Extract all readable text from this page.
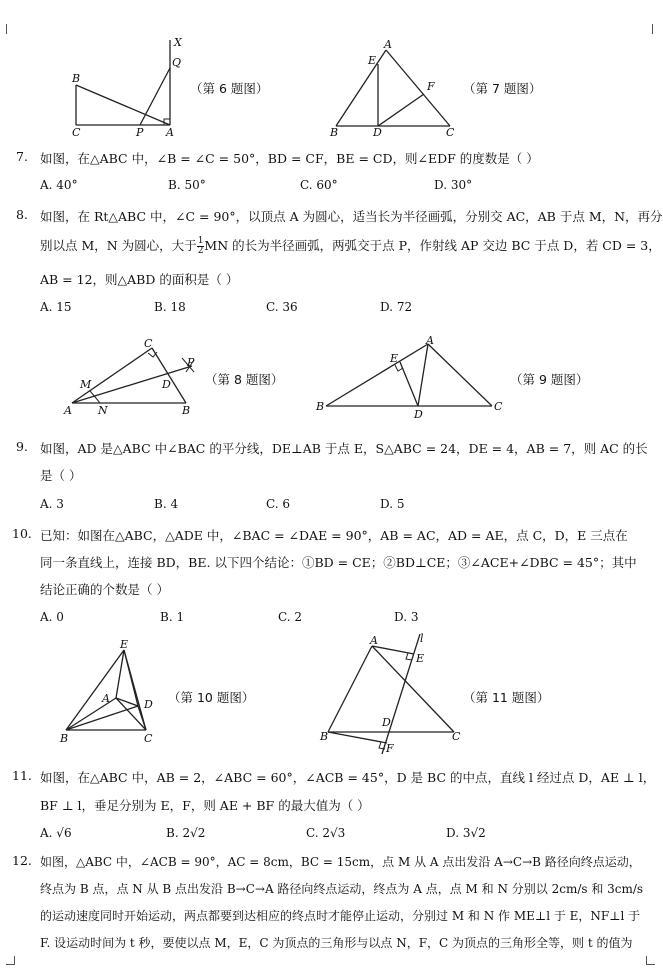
X
Q
B
C	P A
（第 6 题图）
A
E
F
B	D	C
（第 7 题图）
7. 如图，在△ABC 中，∠B = ∠C = 50°，BD = CF，BE = CD，则∠EDF 的度数是（ ）
A. 40°	B. 50°	C. 60°	D. 30°
8. 如图，在 Rt△ABC 中，∠C = 90°，以顶点 A 为圆心，适当长为半径画弧，分别交 AC，AB 于点 M，N，再分
别以点 M，N 为圆心，大于 $\frac{1}{2}$ MN 的长为半径画弧，两弧交于点 P，作射线 AP 交边 BC 于点 D，若 CD = 3，
AB = 12，则△ABD 的面积是（ ）
A. 15	B. 18	C. 36	D. 72
C
M
P
D
A N	B
（第 8 题图）
E
A
B
D
C
（第 9 题图）
9. 如图，AD 是△ABC 中∠BAC 的平分线，DE⊥AB 于点 E，S△ABC = 24，DE = 4，AB = 7，则 AC 的长
是（ ）
A. 3	B. 4	C. 6	D. 5
10. 已知：如图在△ABC，△ADE 中，∠BAC = ∠DAE = 90°，AB = AC，AD = AE，点 C，D，E 三点在
同一条直线上，连接 BD，BE. 以下四个结论：①BD = CE；②BD⊥CE；③∠ACE+∠DBC = 45°；其中
结论正确的个数是（ ）
A. 0	B. 1	C. 2	D. 3
E
A	D
B	C
（第 10 题图）
A	l
E
D
B	C
F
（第 11 题图）
11. 如图，在△ABC 中，AB = 2，∠ABC = 60°，∠ACB = 45°，D 是 BC 的中点，直线 l 经过点 D，AE ⊥ l，
BF ⊥ l，垂足分别为 E，F，则 AE + BF 的最大值为（ ）
A. √6	B. 2√2	C. 2√3	D. 3√2
12. 如图，△ABC 中，∠ACB = 90°，AC = 8cm，BC = 15cm，点 M 从 A 点出发沿 A→C→B 路径向终点运动，
终点为 B 点，点 N 从 B 点出发沿 B→C→A 路径向终点运动，终点为 A 点，点 M 和 N 分别以 2cm/s 和 3cm/s
的运动速度同时开始运动，两点都要到达相应的终点时才能停止运动，分别过 M 和 N 作 ME⊥l 于 E，NF⊥l 于
F. 设运动时间为 t 秒，要使以点 M，E，C 为顶点的三角形与以点 N，F，C 为顶点的三角形全等，则 t 的值为
